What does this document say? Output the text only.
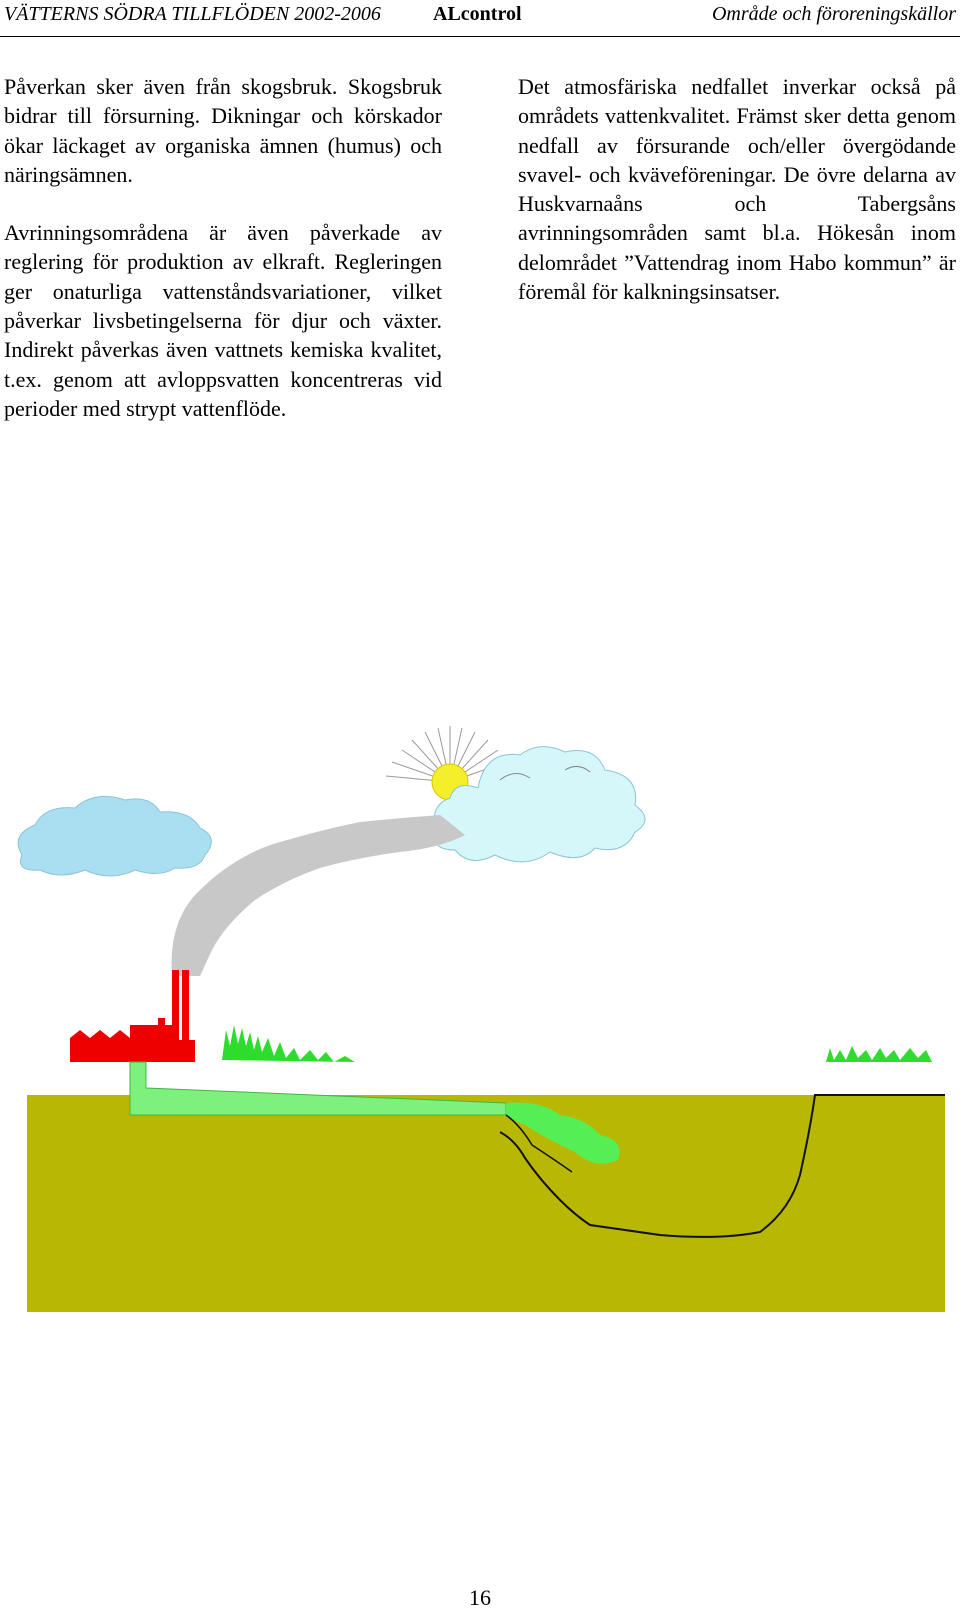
VÄTTERNS SÖDRA TILLFLÖDEN 2002-2006	ALcontrol	Område och föroreningskällor

Påverkan sker även från skogsbruk. Skogsbruk bidrar till försurning. Dikningar och körskador ökar läckaget av organiska ämnen (humus) och näringsämnen.

Avrinningsområdena är även påverkade av reglering för produktion av elkraft. Regleringen ger onaturliga vattenståndsvariationer, vilket påverkar livsbetingelserna för djur och växter. Indirekt påverkas även vattnets kemiska kvalitet, t.ex. genom att avloppsvatten koncentreras vid perioder med strypt vattenflöde.

Det atmosfäriska nedfallet inverkar också på områdets vattenkvalitet. Främst sker detta genom nedfall av försurande och/eller övergödande svavel- och kväveföreningar. De övre delarna av Huskvarnaåns och Tabergsåns avrinningsområden samt bl.a. Hökesån inom delområdet ”Vattendrag inom Habo kommun” är föremål för kalkningsinsatser.

16
